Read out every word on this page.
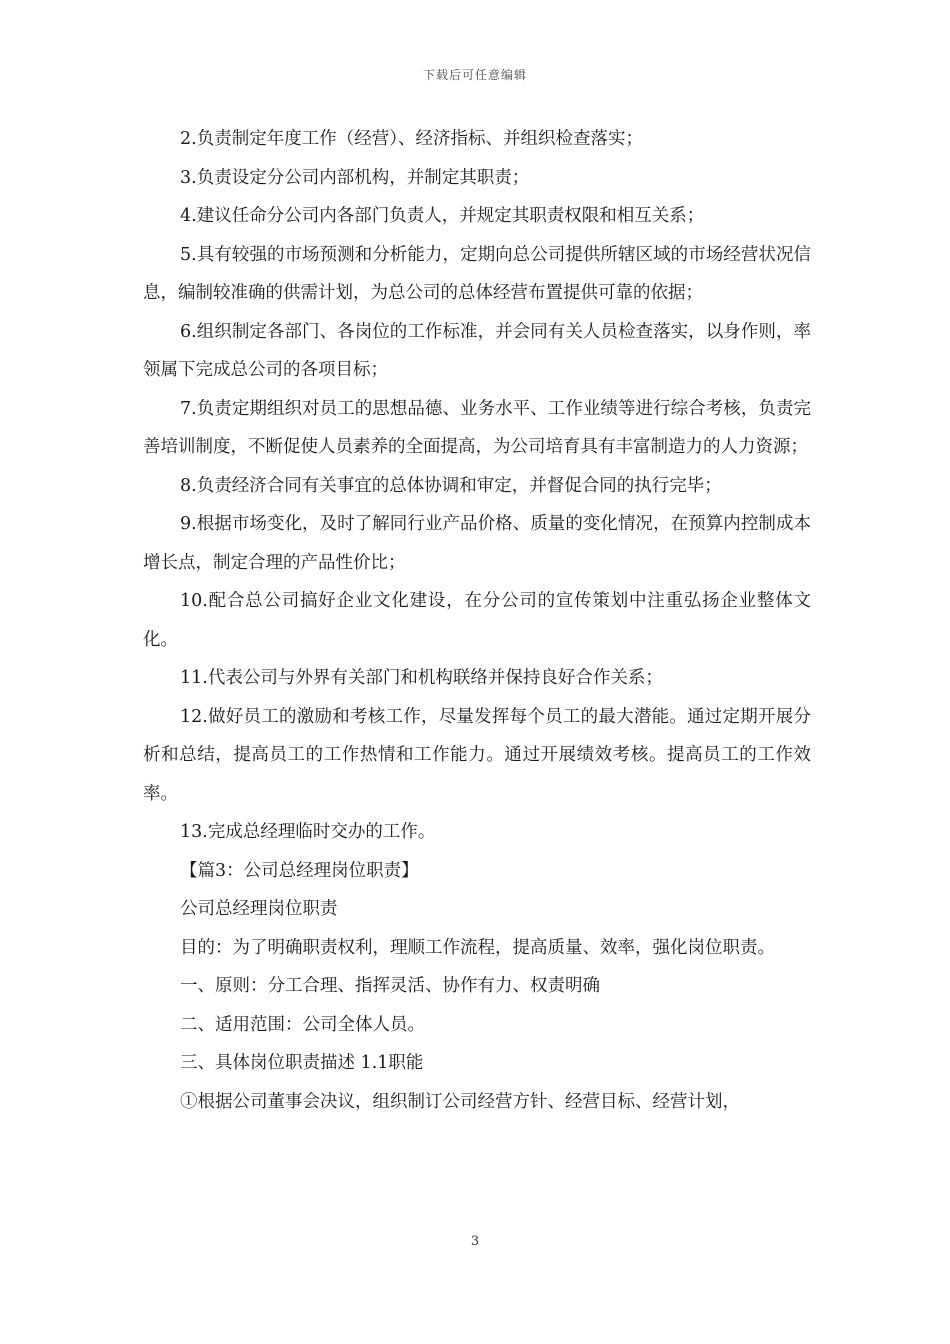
下载后可任意编辑

2.负责制定年度工作（经营）、经济指标、并组织检查落实；

3.负责设定分公司内部机构，并制定其职责；

4.建议任命分公司内各部门负责人，并规定其职责权限和相互关系；

5.具有较强的市场预测和分析能力，定期向总公司提供所辖区域的市场经营状况信息，编制较准确的供需计划，为总公司的总体经营布置提供可靠的依据；

6.组织制定各部门、各岗位的工作标准，并会同有关人员检查落实，以身作则，率领属下完成总公司的各项目标；

7.负责定期组织对员工的思想品德、业务水平、工作业绩等进行综合考核，负责完善培训制度，不断促使人员素养的全面提高，为公司培育具有丰富制造力的人力资源；

8.负责经济合同有关事宜的总体协调和审定，并督促合同的执行完毕；

9.根据市场变化，及时了解同行业产品价格、质量的变化情况，在预算内控制成本增长点，制定合理的产品性价比；

10.配合总公司搞好企业文化建设，在分公司的宣传策划中注重弘扬企业整体文化。

11.代表公司与外界有关部门和机构联络并保持良好合作关系；

12.做好员工的激励和考核工作，尽量发挥每个员工的最大潜能。通过定期开展分析和总结，提高员工的工作热情和工作能力。通过开展绩效考核。提高员工的工作效率。

13.完成总经理临时交办的工作。

【篇3：公司总经理岗位职责】

公司总经理岗位职责

目的：为了明确职责权利，理顺工作流程，提高质量、效率，强化岗位职责。

一、原则：分工合理、指挥灵活、协作有力、权责明确

二、适用范围：公司全体人员。

三、具体岗位职责描述 1.1职能

①根据公司董事会决议，组织制订公司经营方针、经营目标、经营计划，

3
